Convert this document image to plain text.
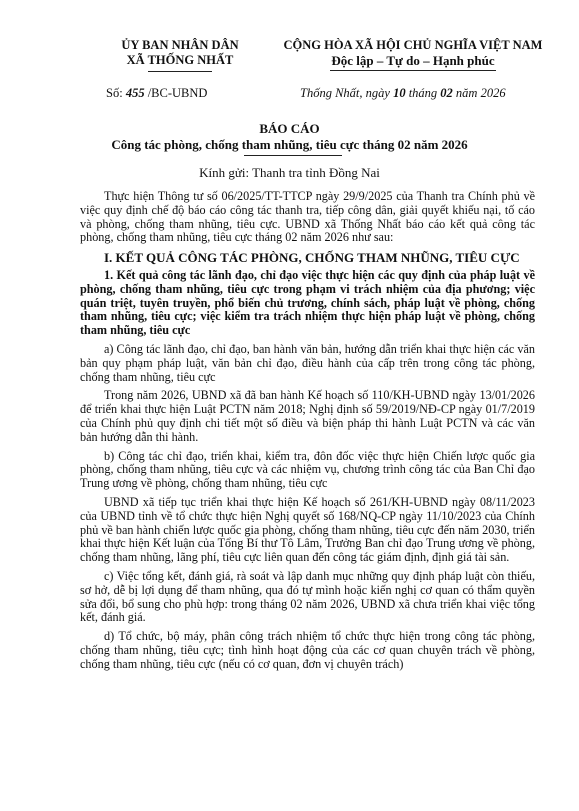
ỦY BAN NHÂN DÂN
XÃ THỐNG NHẤT
CỘNG HÒA XÃ HỘI CHỦ NGHĨA VIỆT NAM
Độc lập – Tự do – Hạnh phúc
Số: 455 /BC-UBND	Thống Nhất, ngày 10 tháng 02 năm 2026
BÁO CÁO
Công tác phòng, chống tham nhũng, tiêu cực tháng 02 năm 2026
Kính gửi: Thanh tra tỉnh Đồng Nai

Thực hiện Thông tư số 06/2025/TT-TTCP ngày 29/9/2025 của Thanh tra Chính phủ về việc quy định chế độ báo cáo công tác thanh tra, tiếp công dân, giải quyết khiếu nại, tố cáo và phòng, chống tham nhũng, tiêu cực. UBND xã Thống Nhất báo cáo kết quả công tác phòng, chống tham nhũng, tiêu cực tháng 02 năm 2026 như sau:

I. KẾT QUẢ CÔNG TÁC PHÒNG, CHỐNG THAM NHŨNG, TIÊU CỰC

1. Kết quả công tác lãnh đạo, chỉ đạo việc thực hiện các quy định của pháp luật về phòng, chống tham nhũng, tiêu cực trong phạm vi trách nhiệm của địa phương; việc quán triệt, tuyên truyền, phổ biến chủ trương, chính sách, pháp luật về phòng, chống tham nhũng, tiêu cực; việc kiểm tra trách nhiệm thực hiện pháp luật về phòng, chống tham nhũng, tiêu cực

a) Công tác lãnh đạo, chỉ đạo, ban hành văn bản, hướng dẫn triển khai thực hiện các văn bản quy phạm pháp luật, văn bản chỉ đạo, điều hành của cấp trên trong công tác phòng, chống tham nhũng, tiêu cực

Trong năm 2026, UBND xã đã ban hành Kế hoạch số 110/KH-UBND ngày 13/01/2026 để triển khai thực hiện Luật PCTN năm 2018; Nghị định số 59/2019/NĐ-CP ngày 01/7/2019 của Chính phủ quy định chi tiết một số điều và biện pháp thi hành Luật PCTN và các văn bản hướng dẫn thi hành.

b) Công tác chỉ đạo, triển khai, kiểm tra, đôn đốc việc thực hiện Chiến lược quốc gia phòng, chống tham nhũng, tiêu cực và các nhiệm vụ, chương trình công tác của Ban Chỉ đạo Trung ương về phòng, chống tham nhũng, tiêu cực

UBND xã tiếp tục triển khai thực hiện Kế hoạch số 261/KH-UBND ngày 08/11/2023 của UBND tỉnh về tổ chức thực hiện Nghị quyết số 168/NQ-CP ngày 11/10/2023 của Chính phủ về ban hành chiến lược quốc gia phòng, chống tham nhũng, tiêu cực đến năm 2030, triển khai thực hiện Kết luận của Tổng Bí thư Tô Lâm, Trưởng Ban chỉ đạo Trung ương về phòng, chống tham nhũng, lãng phí, tiêu cực liên quan đến công tác giám định, định giá tài sản.

c) Việc tổng kết, đánh giá, rà soát và lập danh mục những quy định pháp luật còn thiếu, sơ hở, dễ bị lợi dụng để tham nhũng, qua đó tự mình hoặc kiến nghị cơ quan có thẩm quyền sửa đổi, bổ sung cho phù hợp: trong tháng 02 năm 2026, UBND xã chưa triển khai việc tổng kết, đánh giá.

d) Tổ chức, bộ máy, phân công trách nhiệm tổ chức thực hiện trong công tác phòng, chống tham nhũng, tiêu cực; tình hình hoạt động của các cơ quan chuyên trách về phòng, chống tham nhũng, tiêu cực (nếu có cơ quan, đơn vị chuyên trách)
